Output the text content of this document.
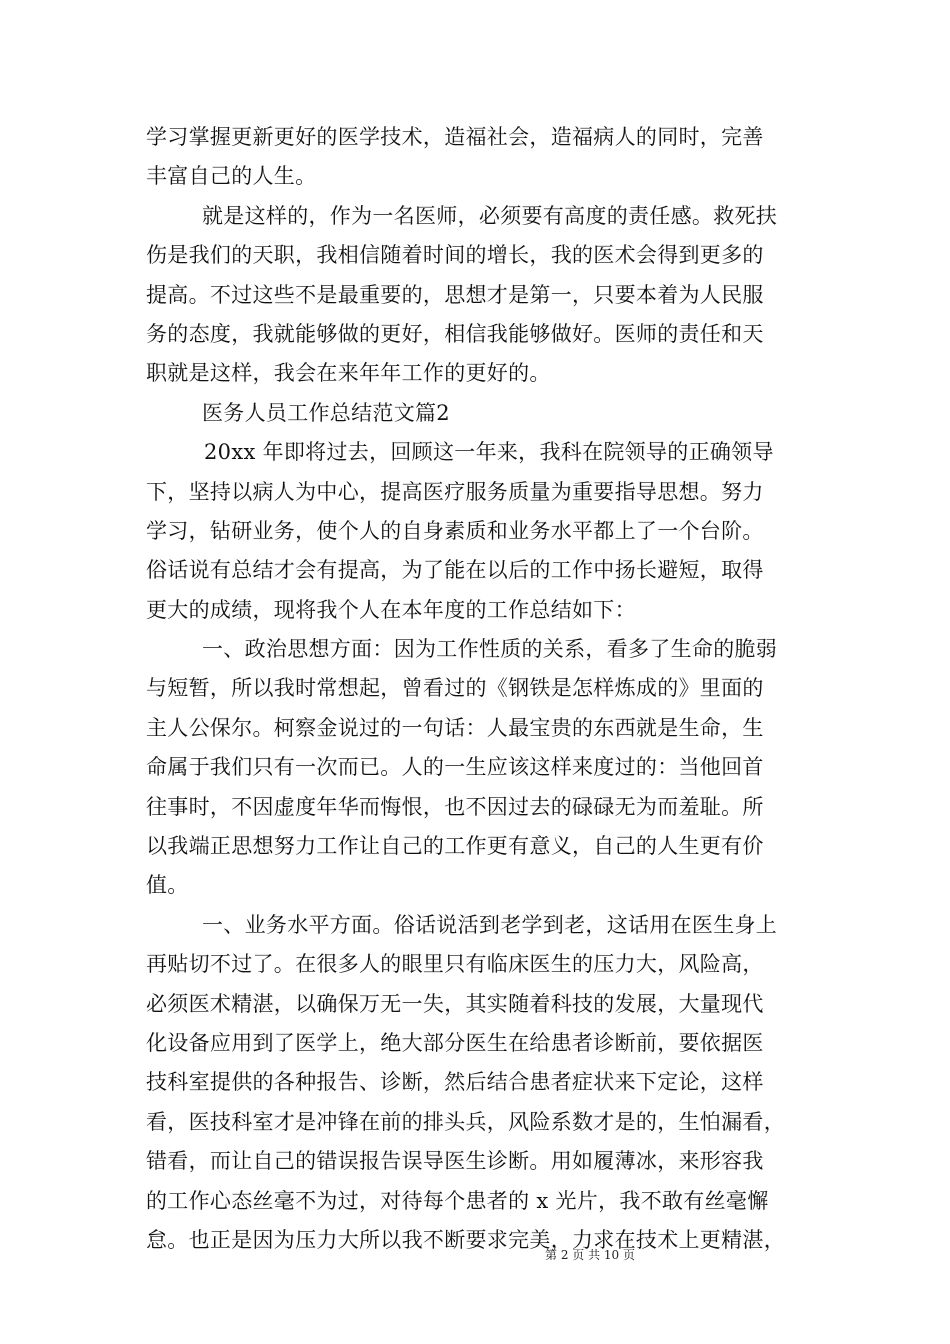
学习掌握更新更好的医学技术，造福社会，造福病人的同时，完善
丰富自己的人生。
就是这样的，作为一名医师，必须要有高度的责任感。救死扶
伤是我们的天职，我相信随着时间的增长，我的医术会得到更多的
提高。不过这些不是最重要的，思想才是第一，只要本着为人民服
务的态度，我就能够做的更好，相信我能够做好。医师的责任和天
职就是这样，我会在来年年工作的更好的。
医务人员工作总结范文篇2
20xx 年即将过去，回顾这一年来，我科在院领导的正确领导
下，坚持以病人为中心，提高医疗服务质量为重要指导思想。努力
学习，钻研业务，使个人的自身素质和业务水平都上了一个台阶。
俗话说有总结才会有提高，为了能在以后的工作中扬长避短，取得
更大的成绩，现将我个人在本年度的工作总结如下：
一、政治思想方面：因为工作性质的关系，看多了生命的脆弱
与短暂，所以我时常想起，曾看过的《钢铁是怎样炼成的》里面的
主人公保尔。柯察金说过的一句话：人最宝贵的东西就是生命，生
命属于我们只有一次而已。人的一生应该这样来度过的：当他回首
往事时，不因虚度年华而悔恨，也不因过去的碌碌无为而羞耻。所
以我端正思想努力工作让自己的工作更有意义，自己的人生更有价
值。
一、业务水平方面。俗话说活到老学到老，这话用在医生身上
再贴切不过了。在很多人的眼里只有临床医生的压力大，风险高，
必须医术精湛，以确保万无一失，其实随着科技的发展，大量现代
化设备应用到了医学上，绝大部分医生在给患者诊断前，要依据医
技科室提供的各种报告、诊断，然后结合患者症状来下定论，这样
看，医技科室才是冲锋在前的排头兵，风险系数才是的，生怕漏看，
错看，而让自己的错误报告误导医生诊断。用如履薄冰，来形容我
的工作心态丝毫不为过，对待每个患者的 x 光片，我不敢有丝毫懈
怠。也正是因为压力大所以我不断要求完美，力求在技术上更精湛，
第 2 页 共 10 页
